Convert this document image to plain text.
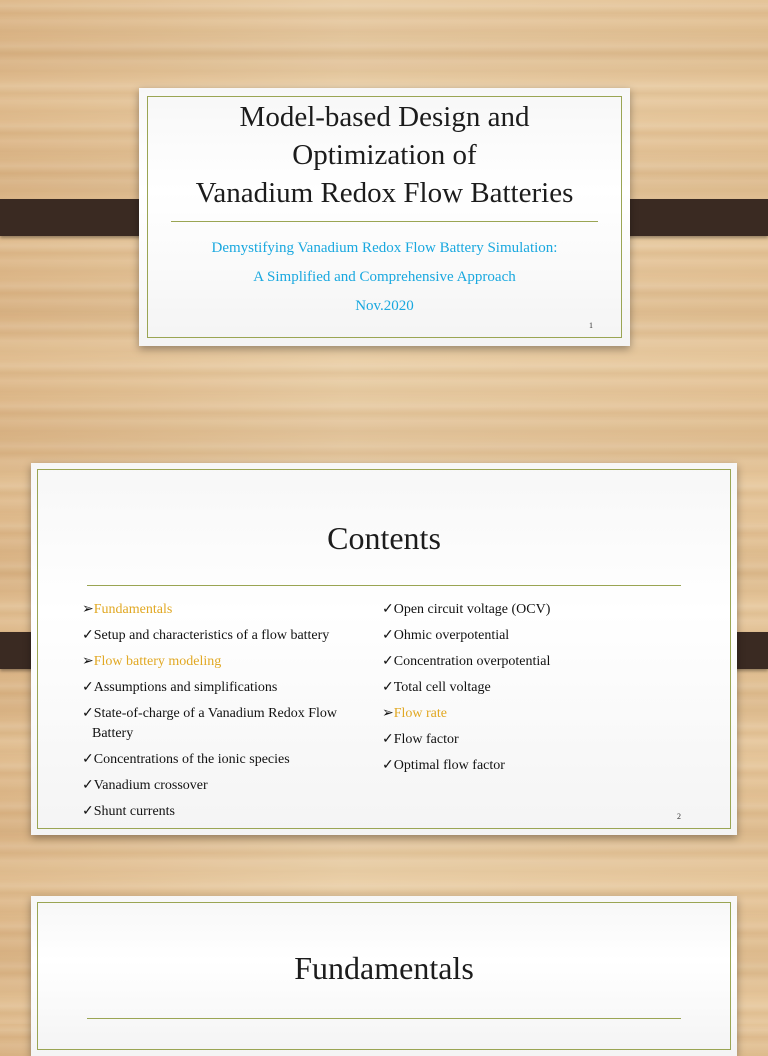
Model-based Design and
Optimization of
Vanadium Redox Flow Batteries
Demystifying Vanadium Redox Flow Battery Simulation:
A Simplified and Comprehensive Approach
Nov.2020
1
Contents
➢Fundamentals
✓Setup and characteristics of a flow battery
➢Flow battery modeling
✓Assumptions and simplifications
✓State-of-charge of a Vanadium Redox Flow
Battery
✓Concentrations of the ionic species
✓Vanadium crossover
✓Shunt currents
✓Open circuit voltage (OCV)
✓Ohmic overpotential
✓Concentration overpotential
✓Total cell voltage
➢Flow rate
✓Flow factor
✓Optimal flow factor
2
Fundamentals
